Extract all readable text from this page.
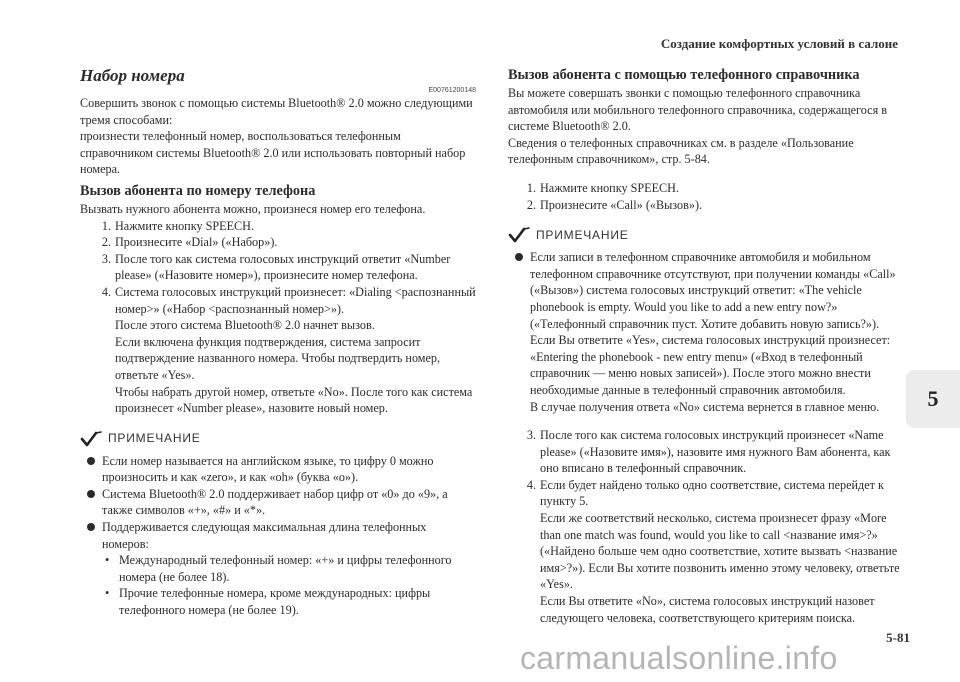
Создание комфортных условий в салоне
5
Набор номера

E00761200148

Совершить звонок с помощью системы Bluetooth® 2.0 можно следующими тремя способами:

произнести телефонный номер, воспользоваться телефонным справочником системы Bluetooth® 2.0 или использовать повторный набор номера.

Вызов абонента по номеру телефона

Вызвать нужного абонента можно, произнеся номер его телефона.

1. Нажмите кнопку SPEECH.

2. Произнесите «Dial» («Набор»).

3. После того как система голосовых инструкций ответит «Number please» («Назовите номер»), произнесите номер телефона.

4. Система голосовых инструкций произнесет: «Dialing <распознанный номер>» («Набор <распознанный номер>»).

После этого система Bluetooth® 2.0 начнет вызов.

Если включена функция подтверждения, система запросит подтверждение названного номера. Чтобы подтвердить номер, ответьте «Yes».

Чтобы набрать другой номер, ответьте «No». После того как система произнесет «Number please», назовите новый номер.

ПРИМЕЧАНИЕ

Если номер называется на английском языке, то цифру 0 можно произносить и как «zero», и как «oh» (буква «o»).

Система Bluetooth® 2.0 поддерживает набор цифр от «0» до «9», а также символов «+», «#» и «*».

Поддерживается следующая максимальная длина телефонных номеров:

• Международный телефонный номер: «+» и цифры телефонного номера (не более 18).

• Прочие телефонные номера, кроме международных: цифры телефонного номера (не более 19).

Вызов абонента с помощью телефонного справочника

Вы можете совершать звонки с помощью телефонного справочника автомобиля или мобильного телефонного справочника, содержащегося в системе Bluetooth® 2.0.

Сведения о телефонных справочниках см. в разделе «Пользование телефонным справочником», стр. 5-84.

1. Нажмите кнопку SPEECH.

2. Произнесите «Call» («Вызов»).

ПРИМЕЧАНИЕ

Если записи в телефонном справочнике автомобиля и мобильном телефонном справочнике отсутствуют, при получении команды «Call» («Вызов») система голосовых инструкций ответит: «The vehicle phonebook is empty. Would you like to add a new entry now?» («Телефонный справочник пуст. Хотите добавить новую запись?»).

Если Вы ответите «Yes», система голосовых инструкций произнесет: «Entering the phonebook - new entry menu» («Вход в телефонный справочник — меню новых записей»). После этого можно внести необходимые данные в телефонный справочник автомобиля.

В случае получения ответа «No» система вернется в главное меню.

3. После того как система голосовых инструкций произнесет «Name please» («Назовите имя»), назовите имя нужного Вам абонента, как оно вписано в телефонный справочник.

4. Если будет найдено только одно соответствие, система перейдет к пункту 5.

Если же соответствий несколько, система произнесет фразу «More than one match was found, would you like to call <название имя>?» («Найдено больше чем одно соответствие, хотите вызвать <название имя>?»). Если Вы хотите позвонить именно этому человеку, ответьте «Yes».

Если Вы ответите «No», система голосовых инструкций назовет следующего человека, соответствующего критериям поиска.

5-81
carmanualsonline.info
